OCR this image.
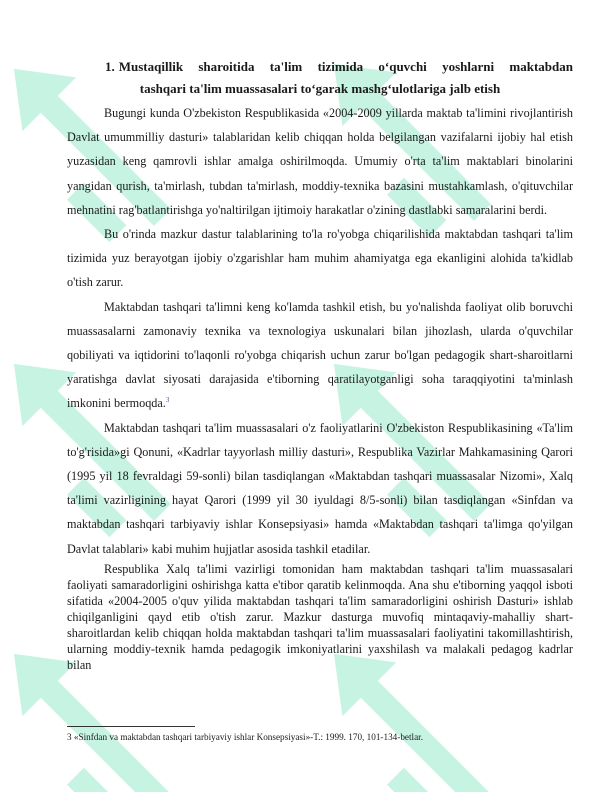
1. Mustaqillik sharoitida ta'lim tizimida o‘quvchi yoshlarni maktabdan
tashqari ta'lim muassasalari to‘garak mashg‘ulotlariga jalb etish

Bugungi kunda O'zbekiston Respublikasida «2004-2009 yillarda maktab ta'limini rivojlantirish Davlat umummilliy dasturi» talablaridan kelib chiqqan holda belgilangan vazifalarni ijobiy hal etish yuzasidan keng qamrovli ishlar amalga oshirilmoqda. Umumiy o'rta ta'lim maktablari binolarini yangidan qurish, ta'mirlash, tubdan ta'mirlash, moddiy-texnika bazasini mustahkamlash, o'qituvchilar mehnatini rag'batlantirishga yo'naltirilgan ijtimoiy harakatlar o'zining dastlabki samaralarini berdi.

Bu o'rinda mazkur dastur talablarining to'la ro'yobga chiqarilishida maktabdan tashqari ta'lim tizimida yuz berayotgan ijobiy o'zgarishlar ham muhim ahamiyatga ega ekanligini alohida ta'kidlab o'tish zarur.

Maktabdan tashqari ta'limni keng ko'lamda tashkil etish, bu yo'nalishda faoliyat olib boruvchi muassasalarni zamonaviy texnika va texnologiya uskunalari bilan jihozlash, ularda o'quvchilar qobiliyati va iqtidorini to'laqonli ro'yobga chiqarish uchun zarur bo'lgan pedagogik shart-sharoitlarni yaratishga davlat siyosati darajasida e'tiborning qaratilayotganligi soha taraqqiyotini ta'minlash imkonini bermoqda.$^3$

Maktabdan tashqari ta'lim muassasalari o'z faoliyatlarini O'zbekiston Respublikasining «Ta'lim to'g'risida»gi Qonuni, «Kadrlar tayyorlash milliy dasturi», Respublika Vazirlar Mahkamasining Qarori (1995 yil 18 fevraldagi 59-sonli) bilan tasdiqlangan «Maktabdan tashqari muassasalar Nizomi», Xalq ta'limi vazirligining hayat Qarori (1999 yil 30 iyuldagi 8/5-sonli) bilan tasdiqlangan «Sinfdan va maktabdan tashqari tarbiyaviy ishlar Konsepsiyasi» hamda «Maktabdan tashqari ta'limga qo'yilgan Davlat talablari» kabi muhim hujjatlar asosida tashkil etadilar.

Respublika Xalq ta'limi vazirligi tomonidan ham maktabdan tashqari ta'lim muassasalari faoliyati samaradorligini oshirishga katta e'tibor qaratib kelinmoqda. Ana shu e'tiborning yaqqol isboti sifatida «2004-2005 o'quv yilida maktabdan tashqari ta'lim samaradorligini oshirish Dasturi» ishlab chiqilganligini qayd etib o'tish zarur. Mazkur dasturga muvofiq mintaqaviy-mahalliy shart-sharoitlardan kelib chiqqan holda maktabdan tashqari ta'lim muassasalari faoliyatini takomillashtirish, ularning moddiy-texnik hamda pedagogik imkoniyatlarini yaxshilash va malakali pedagog kadrlar bilan

3 «Sinfdan va maktabdan tashqari tarbiyaviy ishlar Konsepsiyasi»-T.: 1999. 170, 101-134-betlar.
